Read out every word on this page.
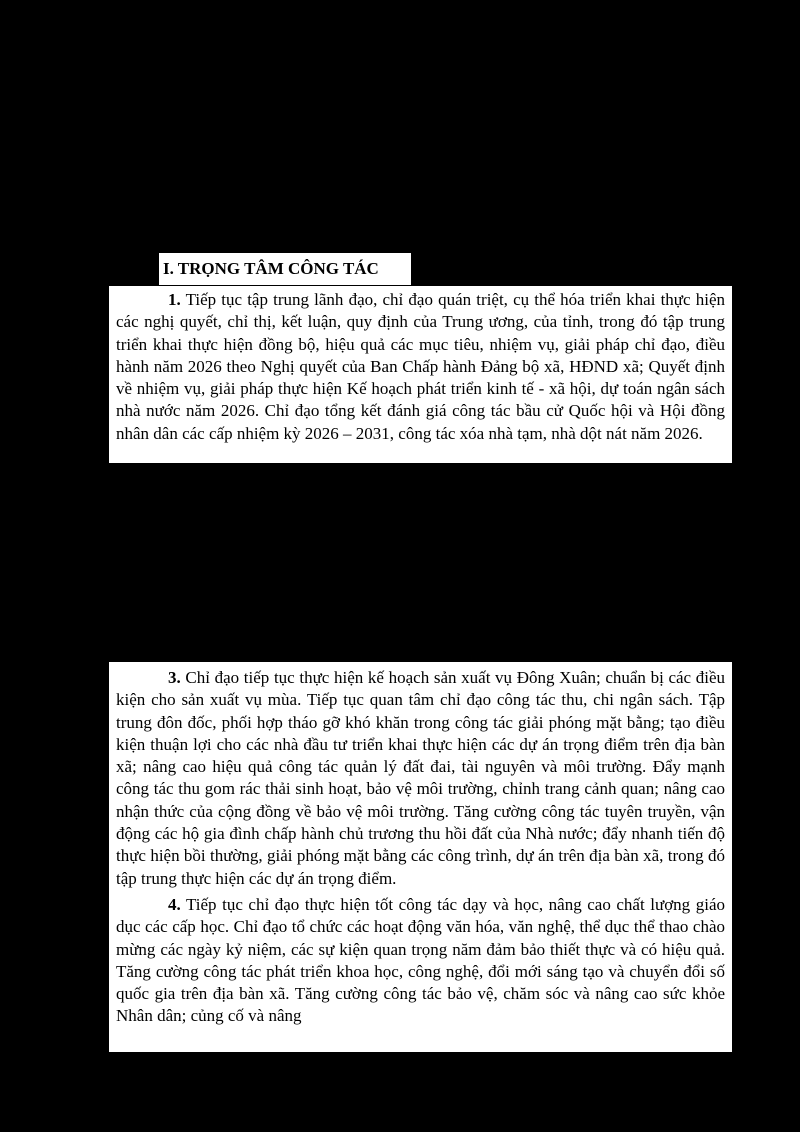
I. TRỌNG TÂM CÔNG TÁC

1. Tiếp tục tập trung lãnh đạo, chỉ đạo quán triệt, cụ thể hóa triển khai thực hiện các nghị quyết, chỉ thị, kết luận, quy định của Trung ương, của tỉnh, trong đó tập trung triển khai thực hiện đồng bộ, hiệu quả các mục tiêu, nhiệm vụ, giải pháp chỉ đạo, điều hành năm 2026 theo Nghị quyết của Ban Chấp hành Đảng bộ xã, HĐND xã; Quyết định về nhiệm vụ, giải pháp thực hiện Kế hoạch phát triển kinh tế - xã hội, dự toán ngân sách nhà nước năm 2026. Chỉ đạo tổng kết đánh giá công tác bầu cử Quốc hội và Hội đồng nhân dân các cấp nhiệm kỳ 2026 – 2031, công tác xóa nhà tạm, nhà dột nát năm 2026.

3. Chỉ đạo tiếp tục thực hiện kế hoạch sản xuất vụ Đông Xuân; chuẩn bị các điều kiện cho sản xuất vụ mùa. Tiếp tục quan tâm chỉ đạo công tác thu, chi ngân sách. Tập trung đôn đốc, phối hợp tháo gỡ khó khăn trong công tác giải phóng mặt bằng; tạo điều kiện thuận lợi cho các nhà đầu tư triển khai thực hiện các dự án trọng điểm trên địa bàn xã; nâng cao hiệu quả công tác quản lý đất đai, tài nguyên và môi trường. Đẩy mạnh công tác thu gom rác thải sinh hoạt, bảo vệ môi trường, chỉnh trang cảnh quan; nâng cao nhận thức của cộng đồng về bảo vệ môi trường. Tăng cường công tác tuyên truyền, vận động các hộ gia đình chấp hành chủ trương thu hồi đất của Nhà nước; đẩy nhanh tiến độ thực hiện bồi thường, giải phóng mặt bằng các công trình, dự án trên địa bàn xã, trong đó tập trung thực hiện các dự án trọng điểm.

4. Tiếp tục chỉ đạo thực hiện tốt công tác dạy và học, nâng cao chất lượng giáo dục các cấp học. Chỉ đạo tổ chức các hoạt động văn hóa, văn nghệ, thể dục thể thao chào mừng các ngày kỷ niệm, các sự kiện quan trọng năm đảm bảo thiết thực và có hiệu quả. Tăng cường công tác phát triển khoa học, công nghệ, đổi mới sáng tạo và chuyển đổi số quốc gia trên địa bàn xã. Tăng cường công tác bảo vệ, chăm sóc và nâng cao sức khỏe Nhân dân; củng cố và nâng
